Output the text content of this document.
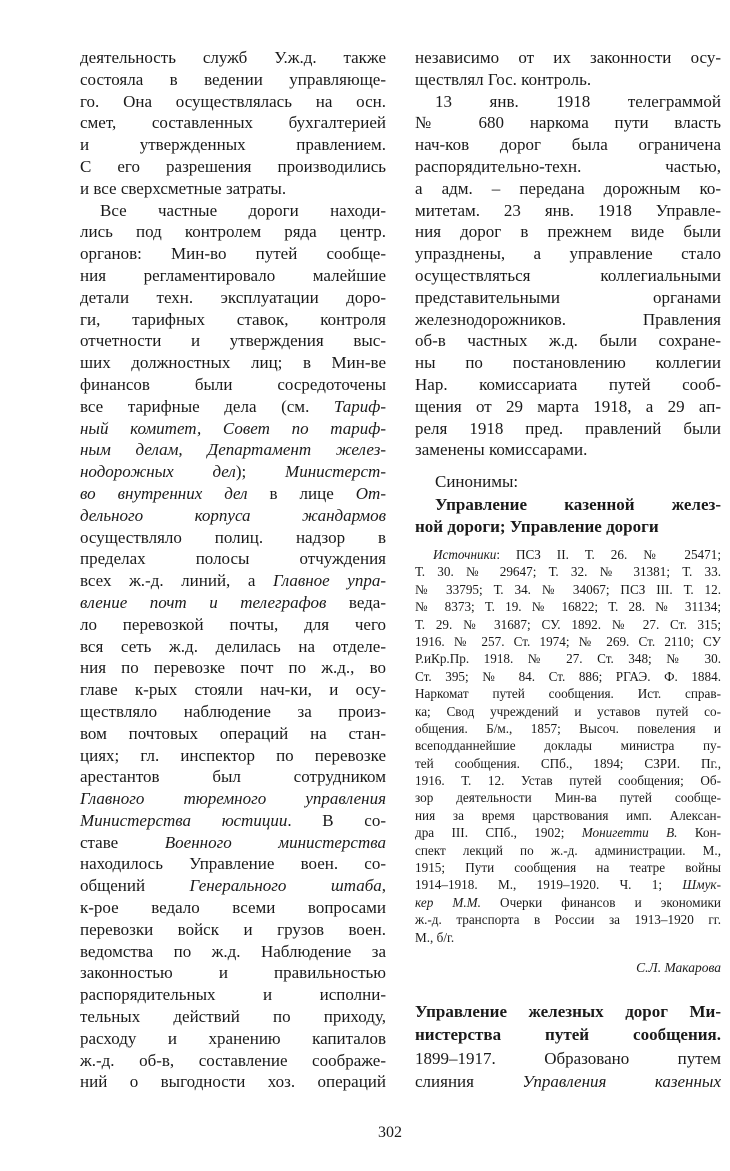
деятельность служб У.ж.д. также
состояла в ведении управляюще-
го. Она осуществлялась на осн.
смет, составленных бухгалтерией
и утвержденных правлением.
С его разрешения производились
и все сверхсметные затраты.
Все частные дороги находи-
лись под контролем ряда центр.
органов: Мин-во путей сообще-
ния регламентировало малейшие
детали техн. эксплуатации доро-
ги, тарифных ставок, контроля
отчетности и утверждения выс-
ших должностных лиц; в Мин-ве
финансов были сосредоточены
все тарифные дела (см. Тариф-
ный комитет, Совет по тариф-
ным делам, Департамент желез-
нодорожных дел); Министерст-
во внутренних дел в лице От-
дельного корпуса жандармов
осуществляло полиц. надзор в
пределах полосы отчуждения
всех ж.-д. линий, а Главное упра-
вление почт и телеграфов веда-
ло перевозкой почты, для чего
вся сеть ж.д. делилась на отделе-
ния по перевозке почт по ж.д., во
главе к-рых стояли нач-ки, и осу-
ществляло наблюдение за произ-
вом почтовых операций на стан-
циях; гл. инспектор по перевозке
арестантов был сотрудником
Главного тюремного управления
Министерства юстиции. В со-
ставе Военного министерства
находилось Управление воен. со-
общений Генерального штаба,
к-рое ведало всеми вопросами
перевозки войск и грузов воен.
ведомства по ж.д. Наблюдение за
законностью и правильностью
распорядительных и исполни-
тельных действий по приходу,
расходу и хранению капиталов
ж.-д. об-в, составление соображе-
ний о выгодности хоз. операций
независимо от их законности осу-
ществлял Гос. контроль.
13 янв. 1918 телеграммой
№ 680 наркома пути власть
нач-ков дорог была ограничена
распорядительно-техн. частью,
а адм. – передана дорожным ко-
митетам. 23 янв. 1918 Управле-
ния дорог в прежнем виде были
упразднены, а управление стало
осуществляться коллегиальными
представительными органами
железнодорожников. Правления
об-в частных ж.д. были сохране-
ны по постановлению коллегии
Нар. комиссариата путей сооб-
щения от 29 марта 1918, а 29 ап-
реля 1918 пред. правлений были
заменены комиссарами.
Синонимы:
Управление казенной желез-
ной дороги; Управление дороги
Источники: ПСЗ II. Т. 26. № 25471;
Т. 30. № 29647; Т. 32. № 31381; Т. 33.
№ 33795; Т. 34. № 34067; ПСЗ III. Т. 12.
№ 8373; Т. 19. № 16822; Т. 28. № 31134;
Т. 29. № 31687; СУ. 1892. № 27. Ст. 315;
1916. № 257. Ст. 1974; № 269. Ст. 2110; СУ
Р.иКр.Пр. 1918. № 27. Ст. 348; № 30.
Ст. 395; № 84. Ст. 886; РГАЭ. Ф. 1884.
Наркомат путей сообщения. Ист. справ-
ка; Свод учреждений и уставов путей со-
общения. Б/м., 1857; Высоч. повеления и
всеподданнейшие доклады министра пу-
тей сообщения. СПб., 1894; СЗРИ. Пг.,
1916. Т. 12. Устав путей сообщения; Об-
зор деятельности Мин-ва путей сообще-
ния за время царствования имп. Алексан-
дра III. СПб., 1902; Монигетти В. Кон-
спект лекций по ж.-д. администрации. М.,
1915; Пути сообщения на театре войны
1914–1918. М., 1919–1920. Ч. 1; Шмук-
кер М.М. Очерки финансов и экономики
ж.-д. транспорта в России за 1913–1920 гг.
М., б/г.
С.Л. Макарова
Управление железных дорог Ми-
нистерства путей сообщения.
1899–1917. Образовано путем
слияния Управления казенных
302
